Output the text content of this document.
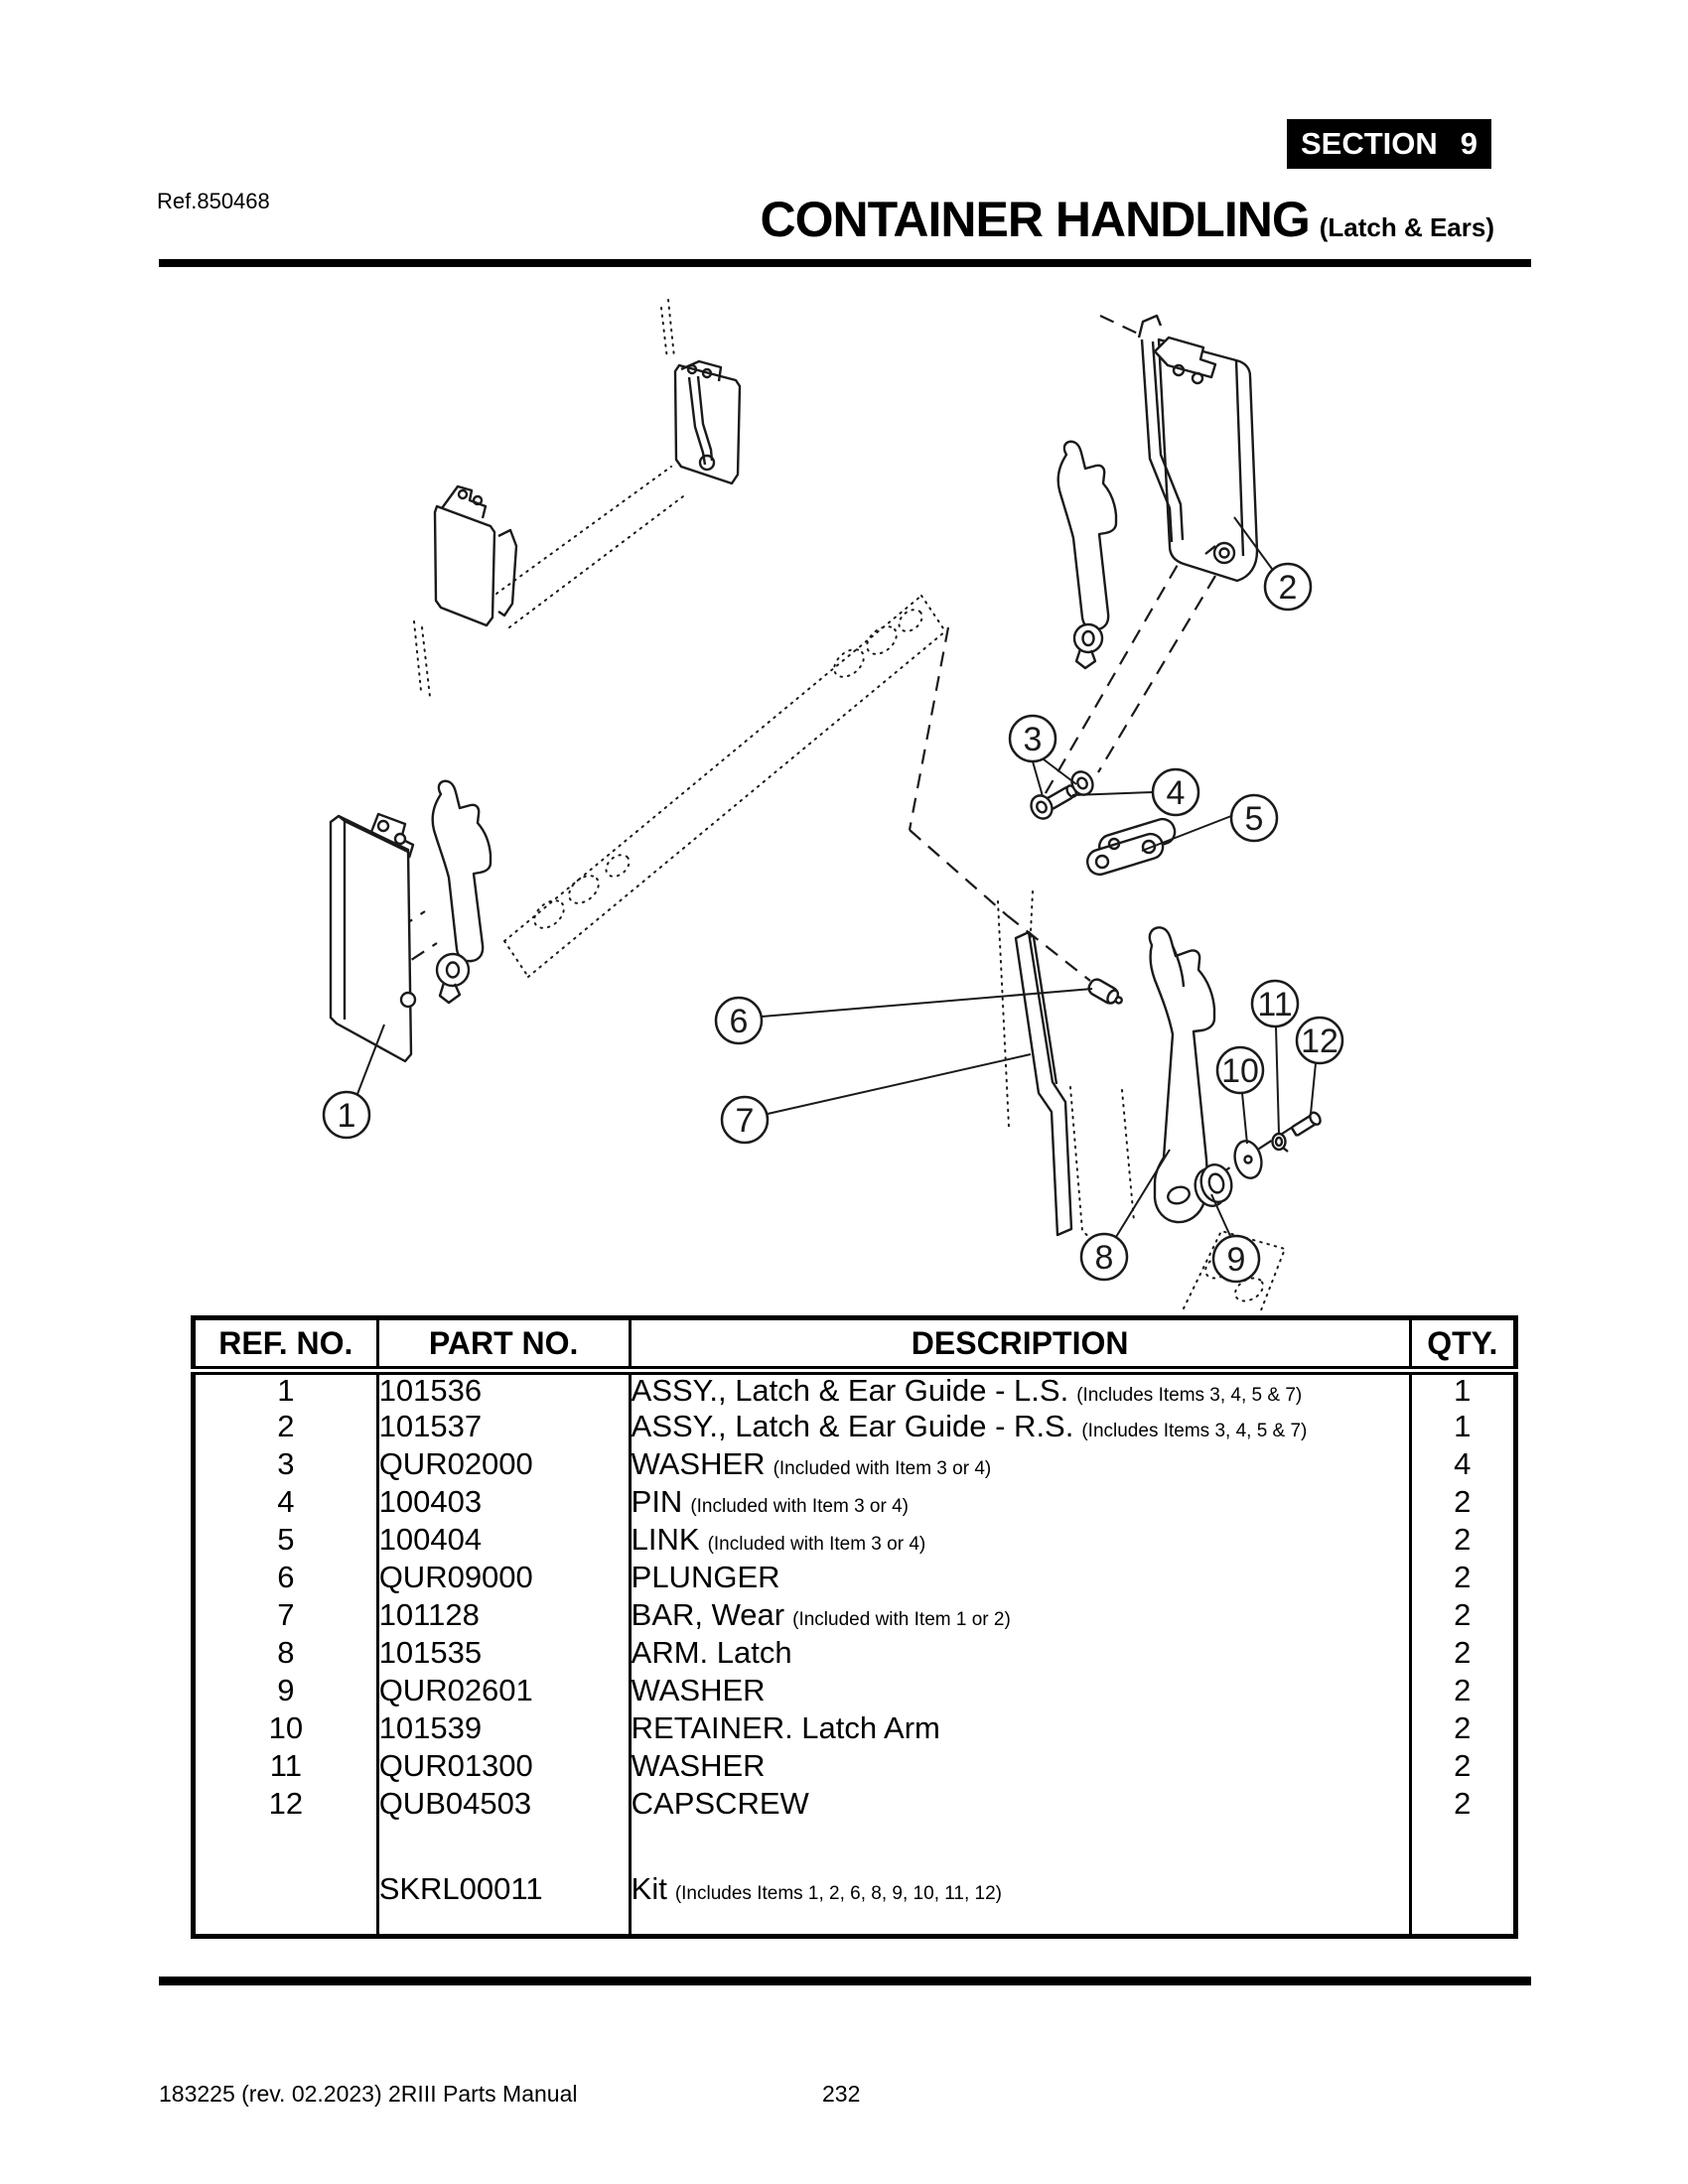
Ref.850468
SECTION 9
CONTAINER HANDLING (Latch & Ears)
1
2
3
4
5
6
7
8	9
10
11
12
REF. NO.	PART NO.	DESCRIPTION	QTY.
1	101536	ASSY., Latch & Ear Guide - L.S. (Includes Items 3, 4, 5 & 7)	1
2	101537	ASSY., Latch & Ear Guide - R.S. (Includes Items 3, 4, 5 & 7)	1
3	QUR02000	WASHER (Included with Item 3 or 4)	4
4	100403	PIN (Included with Item 3 or 4)	2
5	100404	LINK (Included with Item 3 or 4)	2
6	QUR09000	PLUNGER	2
7	101128	BAR, Wear (Included with Item 1 or 2)	2
8	101535	ARM. Latch	2
9	QUR02601	WASHER	2
10	101539	RETAINER. Latch Arm	2
11	QUR01300	WASHER	2
12	QUB04503	CAPSCREW	2

	SKRL00011	Kit (Includes Items 1, 2, 6, 8, 9, 10, 11, 12)	

183225 (rev. 02.2023) 2RIII Parts Manual	232
